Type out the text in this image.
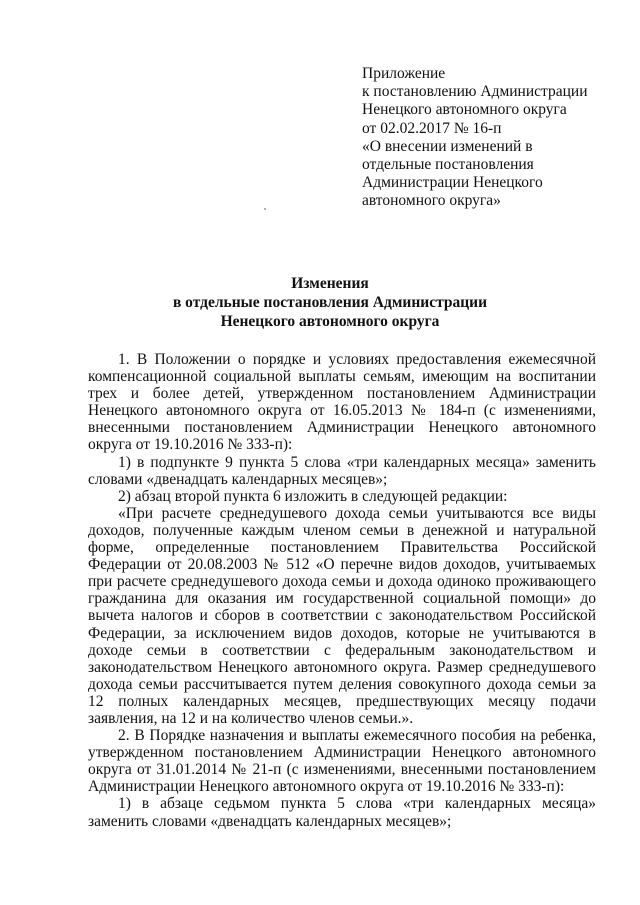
Приложение
к постановлению Администрации
Ненецкого автономного округа
от 02.02.2017 № 16-п
«О внесении изменений в
отдельные постановления
Администрации Ненецкого
автономного округа»
Изменения
в отдельные постановления Администрации
Ненецкого автономного округа

1. В Положении о порядке и условиях предоставления ежемесячной компенсационной социальной выплаты семьям, имеющим на воспитании трех и более детей, утвержденном постановлением Администрации Ненецкого автономного округа от 16.05.2013 № 184-п (с изменениями, внесенными постановлением Администрации Ненецкого автономного округа от 19.10.2016 № 333-п):

1) в подпункте 9 пункта 5 слова «три календарных месяца» заменить словами «двенадцать календарных месяцев»;

2) абзац второй пункта 6 изложить в следующей редакции:

«При расчете среднедушевого дохода семьи учитываются все виды доходов, полученные каждым членом семьи в денежной и натуральной форме, определенные постановлением Правительства Российской Федерации от 20.08.2003 № 512 «О перечне видов доходов, учитываемых при расчете среднедушевого дохода семьи и дохода одиноко проживающего гражданина для оказания им государственной социальной помощи» до вычета налогов и сборов в соответствии с законодательством Российской Федерации, за исключением видов доходов, которые не учитываются в доходе семьи в соответствии с федеральным законодательством и законодательством Ненецкого автономного округа. Размер среднедушевого дохода семьи рассчитывается путем деления совокупного дохода семьи за 12 полных календарных месяцев, предшествующих месяцу подачи заявления, на 12 и на количество членов семьи.».

2. В Порядке назначения и выплаты ежемесячного пособия на ребенка, утвержденном постановлением Администрации Ненецкого автономного округа от 31.01.2014 № 21-п (с изменениями, внесенными постановлением Администрации Ненецкого автономного округа от 19.10.2016 № 333-п):

1) в абзаце седьмом пункта 5 слова «три календарных месяца» заменить словами «двенадцать календарных месяцев»;
